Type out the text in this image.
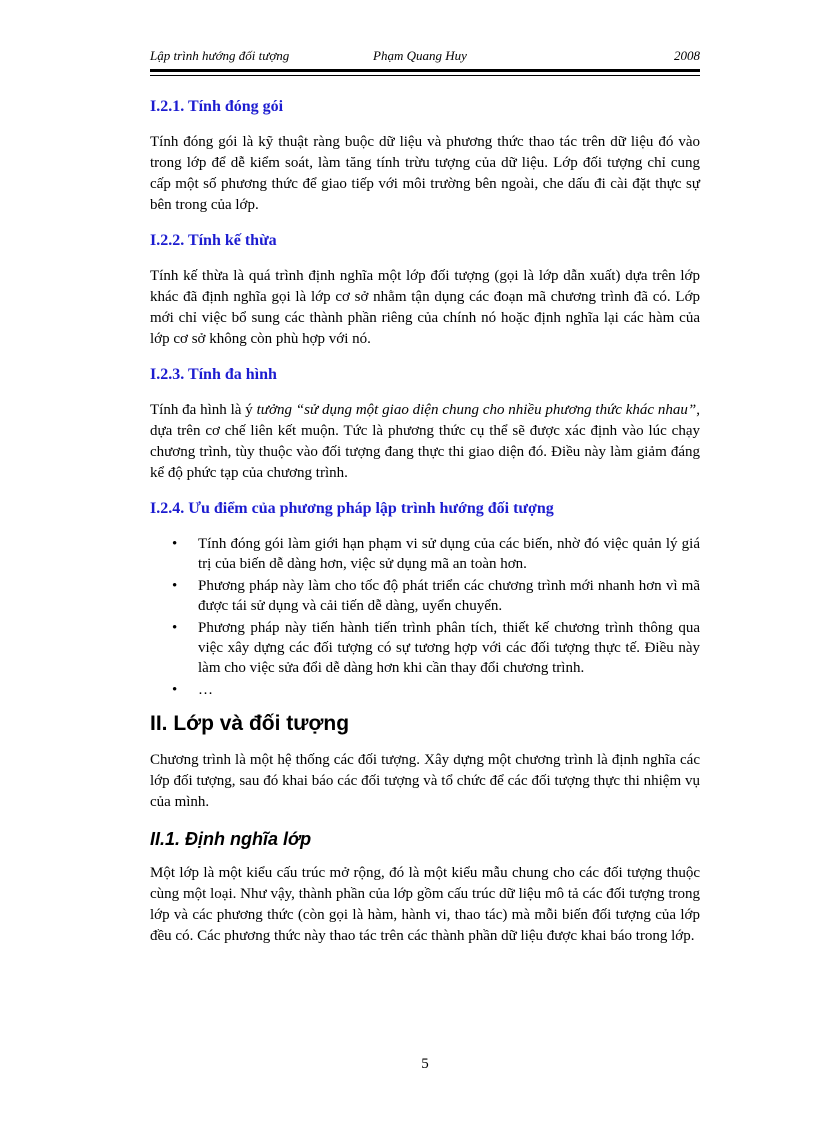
Lập trình hướng đối tượng	Phạm Quang Huy	2008
I.2.1. Tính đóng gói

Tính đóng gói là kỹ thuật ràng buộc dữ liệu và phương thức thao tác trên dữ liệu đó vào trong lớp để dễ kiểm soát, làm tăng tính trừu tượng của dữ liệu. Lớp đối tượng chỉ cung cấp một số phương thức để giao tiếp với môi trường bên ngoài, che dấu đi cài đặt thực sự bên trong của lớp.

I.2.2. Tính kế thừa

Tính kế thừa là quá trình định nghĩa một lớp đối tượng (gọi là lớp dẫn xuất) dựa trên lớp khác đã định nghĩa gọi là lớp cơ sở nhằm tận dụng các đoạn mã chương trình đã có. Lớp mới chỉ việc bổ sung các thành phần riêng của chính nó hoặc định nghĩa lại các hàm của lớp cơ sở không còn phù hợp với nó.

I.2.3. Tính đa hình

Tính đa hình là ý tưởng “sử dụng một giao diện chung cho nhiều phương thức khác nhau”, dựa trên cơ chế liên kết muộn. Tức là phương thức cụ thể sẽ được xác định vào lúc chạy chương trình, tùy thuộc vào đối tượng đang thực thi giao diện đó. Điều này làm giảm đáng kể độ phức tạp của chương trình.

I.2.4. Ưu điểm của phương pháp lập trình hướng đối tượng
• Tính đóng gói làm giới hạn phạm vi sử dụng của các biến, nhờ đó việc quản lý giá trị của biến dễ dàng hơn, việc sử dụng mã an toàn hơn.
• Phương pháp này làm cho tốc độ phát triển các chương trình mới nhanh hơn vì mã được tái sử dụng và cải tiến dễ dàng, uyển chuyển.
• Phương pháp này tiến hành tiến trình phân tích, thiết kế chương trình thông qua việc xây dựng các đối tượng có sự tương hợp với các đối tượng thực tế. Điều này làm cho việc sửa đổi dễ dàng hơn khi cần thay đổi chương trình.
• …
II. Lớp và đối tượng

Chương trình là một hệ thống các đối tượng. Xây dựng một chương trình là định nghĩa các lớp đối tượng, sau đó khai báo các đối tượng và tổ chức để các đối tượng thực thi nhiệm vụ của mình.

II.1. Định nghĩa lớp

Một lớp là một kiểu cấu trúc mở rộng, đó là một kiểu mẫu chung cho các đối tượng thuộc cùng một loại. Như vậy, thành phần của lớp gồm cấu trúc dữ liệu mô tả các đối tượng trong lớp và các phương thức (còn gọi là hàm, hành vi, thao tác) mà mỗi biến đối tượng của lớp đều có. Các phương thức này thao tác trên các thành phần dữ liệu được khai báo trong lớp.

5
